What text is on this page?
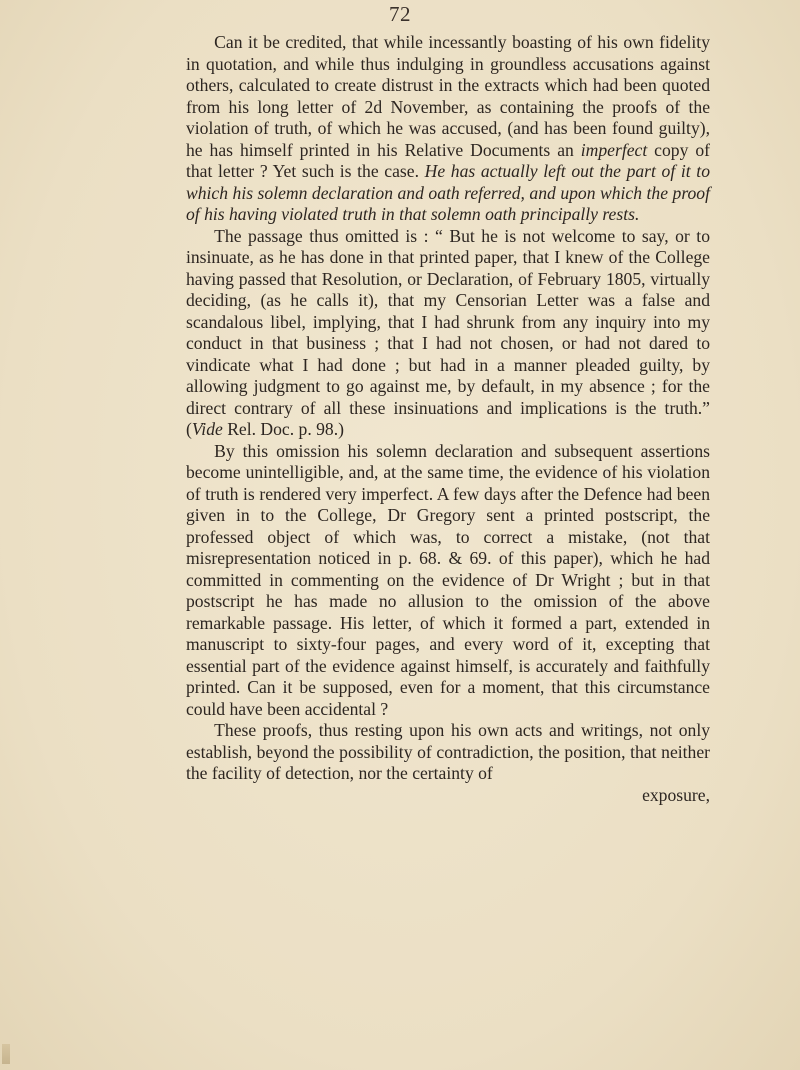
72

Can it be credited, that while incessantly boasting of his own fidelity in quotation, and while thus indulging in groundless accusations against others, calculated to create distrust in the extracts which had been quoted from his long letter of 2d November, as containing the proofs of the violation of truth, of which he was accused, (and has been found guilty), he has himself printed in his Relative Documents an imperfect copy of that letter ? Yet such is the case. He has actually left out the part of it to which his solemn declaration and oath referred, and upon which the proof of his having violated truth in that solemn oath principally rests.

The passage thus omitted is : “ But he is not welcome to say, or to insinuate, as he has done in that printed paper, that I knew of the College having passed that Resolution, or Declaration, of February 1805, virtually deciding, (as he calls it), that my Censorian Letter was a false and scandalous libel, implying, that I had shrunk from any inquiry into my conduct in that business ; that I had not chosen, or had not dared to vindicate what I had done ; but had in a manner pleaded guilty, by allowing judgment to go against me, by default, in my absence ; for the direct contrary of all these insinuations and implications is the truth.” (Vide Rel. Doc. p. 98.)

By this omission his solemn declaration and subsequent assertions become unintelligible, and, at the same time, the evidence of his violation of truth is rendered very imperfect. A few days after the Defence had been given in to the College, Dr Gregory sent a printed postscript, the professed object of which was, to correct a mistake, (not that misrepresentation noticed in p. 68. & 69. of this paper), which he had committed in commenting on the evidence of Dr Wright ; but in that postscript he has made no allusion to the omission of the above remarkable passage. His letter, of which it formed a part, extended in manuscript to sixty-four pages, and every word of it, excepting that essential part of the evidence against himself, is accurately and faithfully printed. Can it be supposed, even for a moment, that this circumstance could have been accidental ?

These proofs, thus resting upon his own acts and writings, not only establish, beyond the possibility of contradiction, the position, that neither the facility of detection, nor the certainty of

exposure,
